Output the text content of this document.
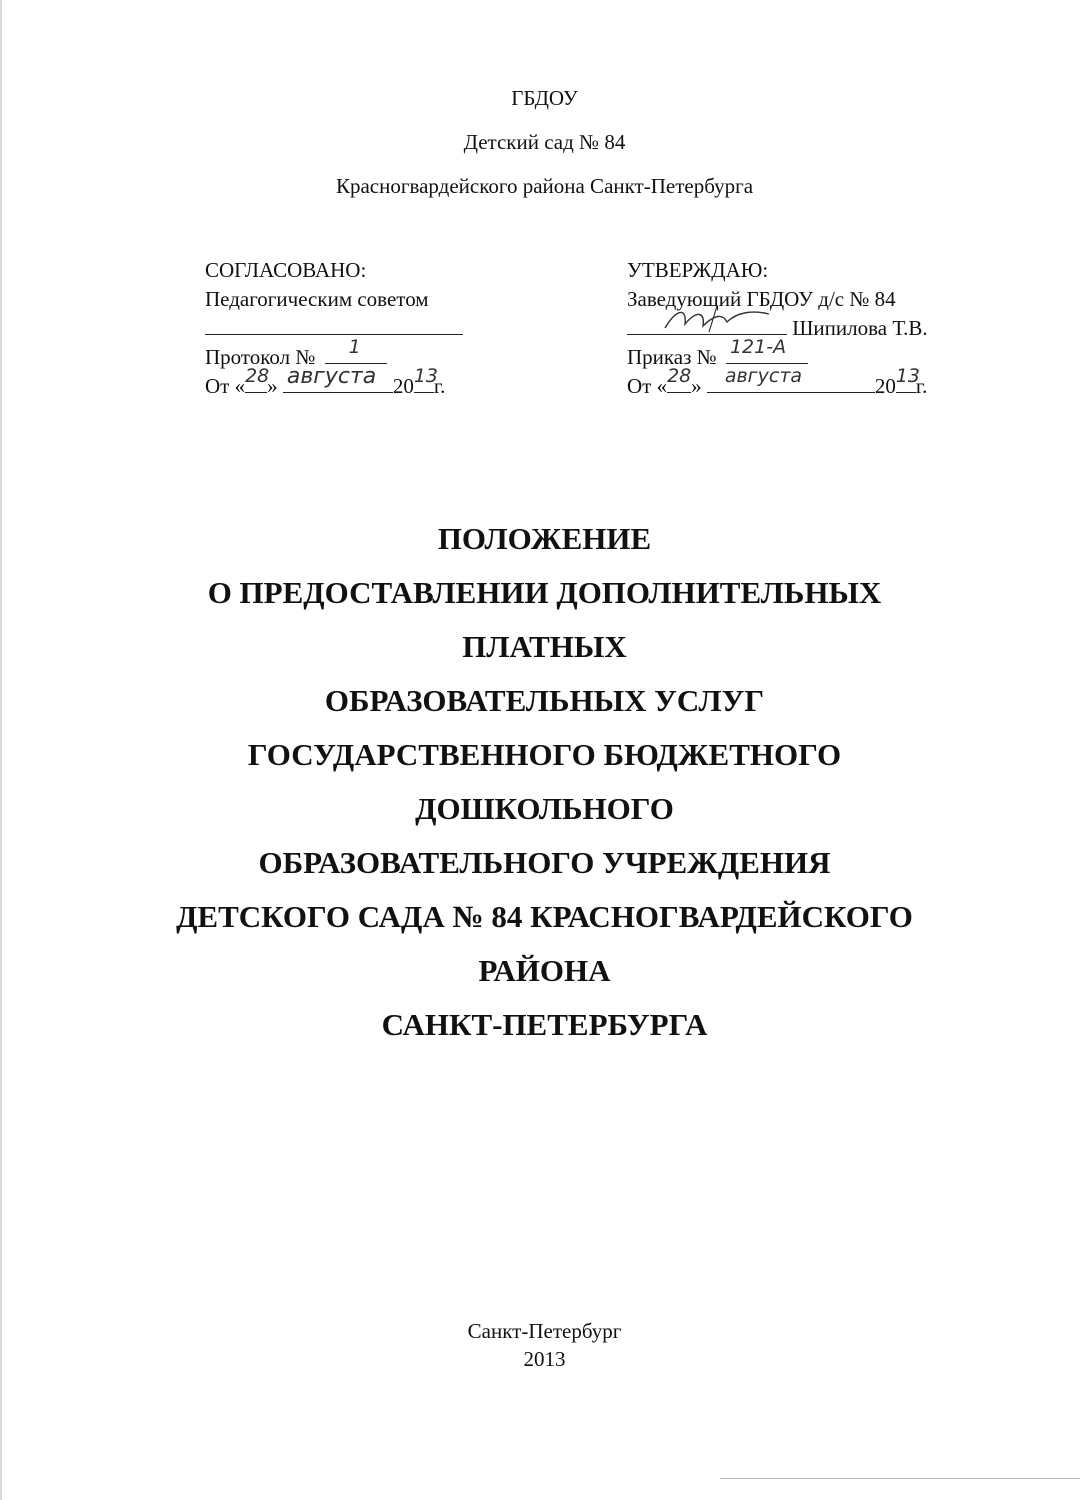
ГБДОУ
Детский сад № 84
Красногвардейского района Санкт-Петербурга
СОГЛАСОВАНО:
Педагогическим советом
Протокол № 1
От « 28
» августа 20 13
г.
УТВЕРЖДАЮ:
Заведующий ГБДОУ д/с № 84
Шипилова Т.В.
Приказ № 121-А
От « 28 » августа	20 13
г.
ПОЛОЖЕНИЕ
О ПРЕДОСТАВЛЕНИИ ДОПОЛНИТЕЛЬНЫХ
ПЛАТНЫХ
ОБРАЗОВАТЕЛЬНЫХ УСЛУГ
ГОСУДАРСТВЕННОГО БЮДЖЕТНОГО
ДОШКОЛЬНОГО
ОБРАЗОВАТЕЛЬНОГО УЧРЕЖДЕНИЯ
ДЕТСКОГО САДА № 84 КРАСНОГВАРДЕЙСКОГО
РАЙОНА
САНКТ-ПЕТЕРБУРГА
Санкт-Петербург
2013
